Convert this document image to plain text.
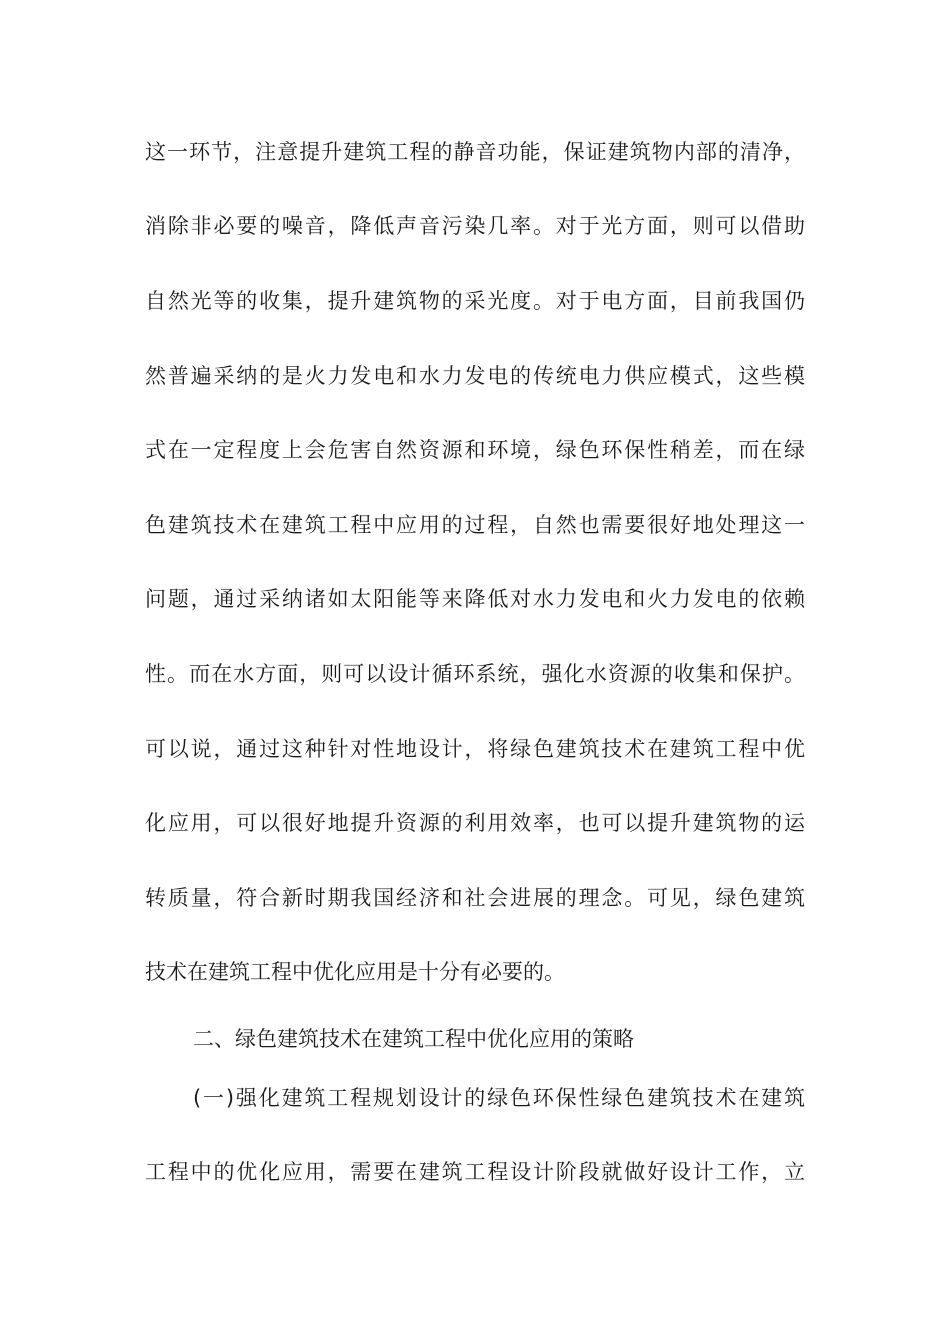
这一环节，注意提升建筑工程的静音功能，保证建筑物内部的清净，
消除非必要的噪音，降低声音污染几率。对于光方面，则可以借助
自然光等的收集，提升建筑物的采光度。对于电方面，目前我国仍
然普遍采纳的是火力发电和水力发电的传统电力供应模式，这些模
式在一定程度上会危害自然资源和环境，绿色环保性稍差，而在绿
色建筑技术在建筑工程中应用的过程，自然也需要很好地处理这一
问题，通过采纳诸如太阳能等来降低对水力发电和火力发电的依赖
性。而在水方面，则可以设计循环系统，强化水资源的收集和保护。
可以说，通过这种针对性地设计，将绿色建筑技术在建筑工程中优
化应用，可以很好地提升资源的利用效率，也可以提升建筑物的运
转质量，符合新时期我国经济和社会进展的理念。可见，绿色建筑
技术在建筑工程中优化应用是十分有必要的。
二、绿色建筑技术在建筑工程中优化应用的策略
(一)强化建筑工程规划设计的绿色环保性绿色建筑技术在建筑
工程中的优化应用，需要在建筑工程设计阶段就做好设计工作，立
